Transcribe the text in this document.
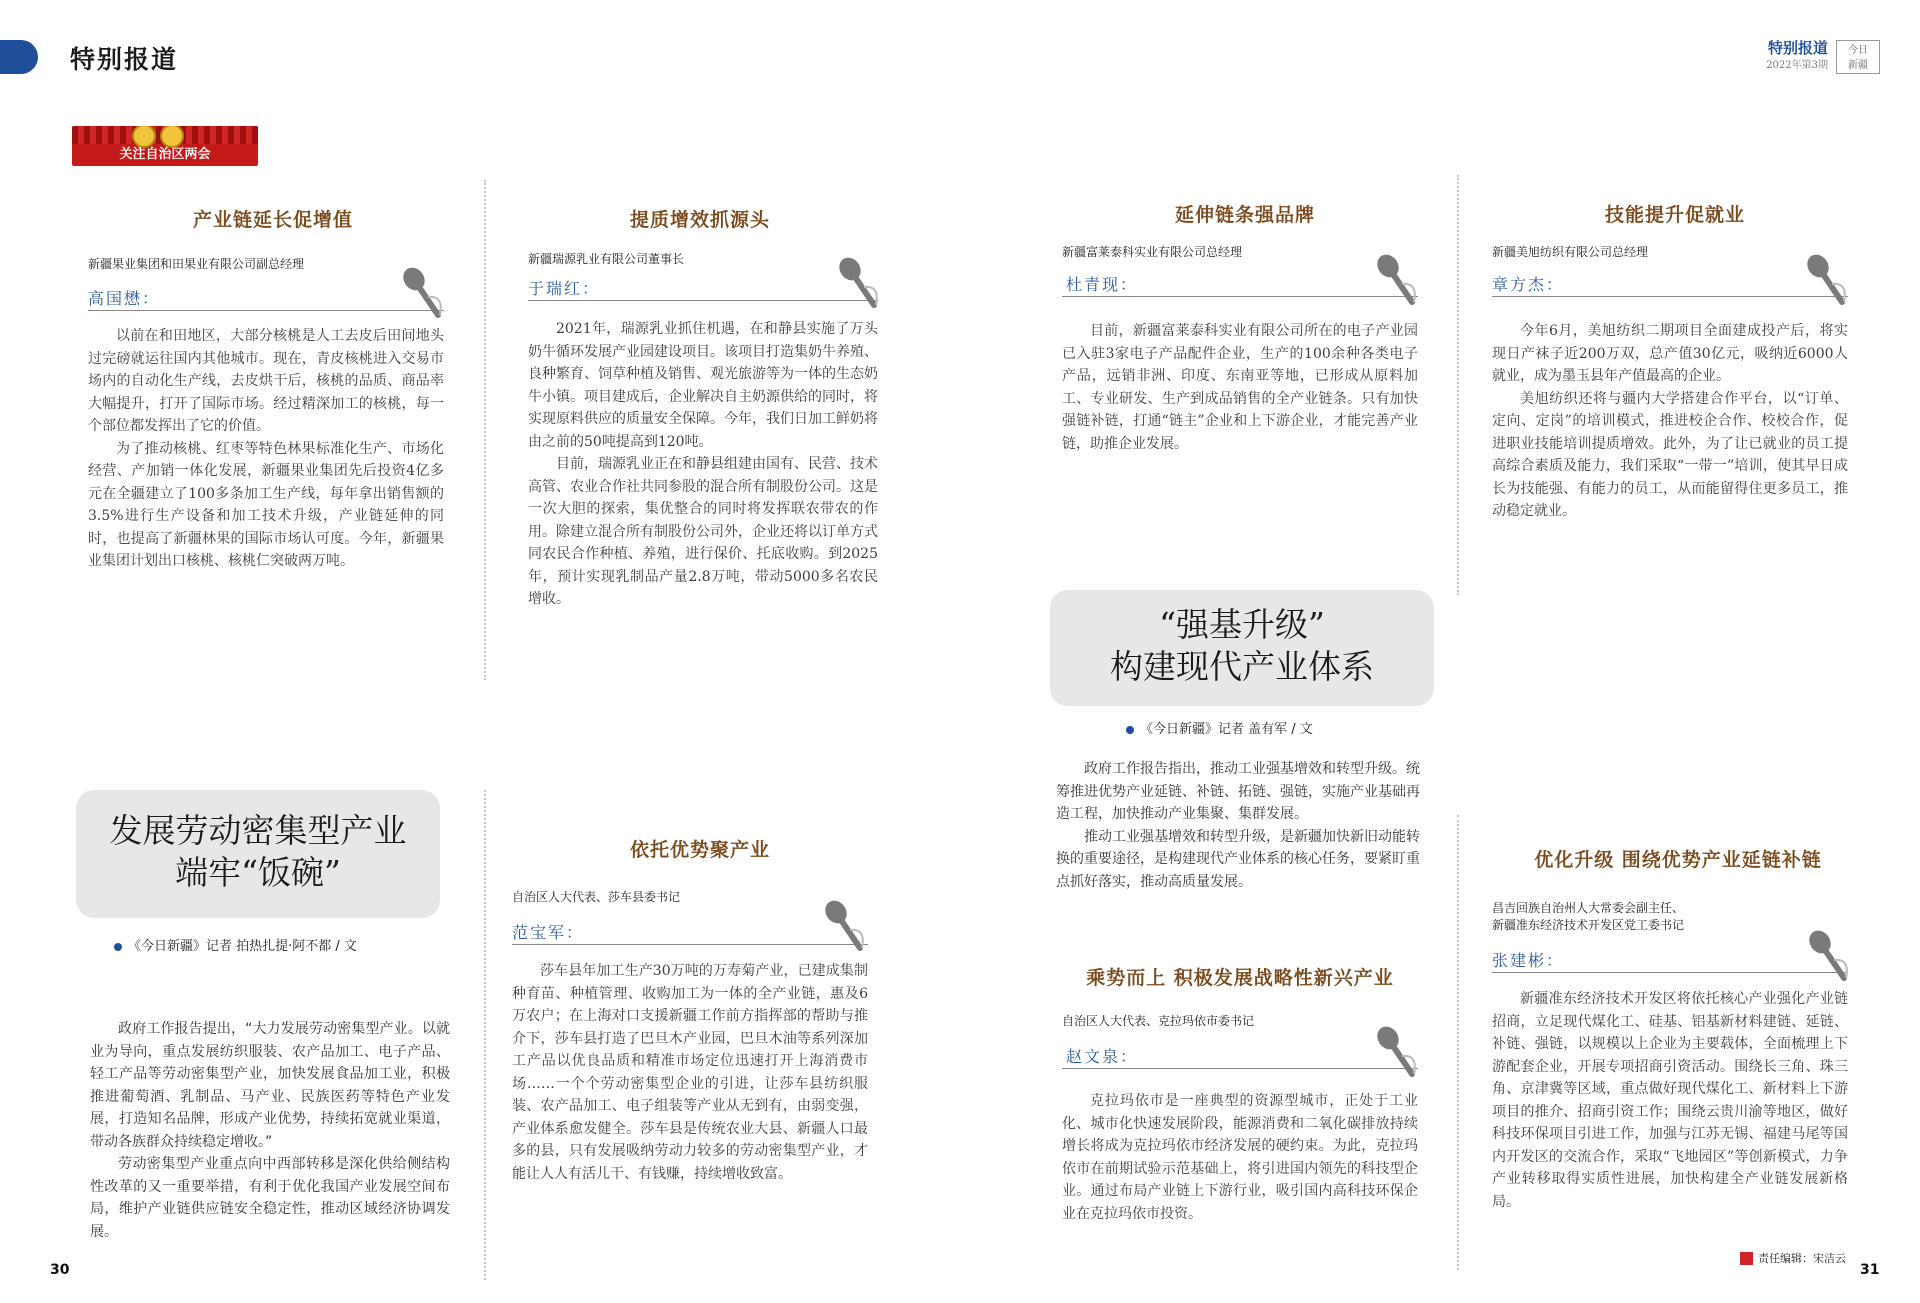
特别报道	特别报道
2022年第3期
今日
新疆
关注自治区两会
产业链延长促增值
新疆果业集团和田果业有限公司副总经理
高国懋：

以前在和田地区，大部分核桃是人工去皮后田间地头过完磅就运往国内其他城市。现在，青皮核桃进入交易市场内的自动化生产线，去皮烘干后，核桃的品质、商品率大幅提升，打开了国际市场。经过精深加工的核桃，每一个部位都发挥出了它的价值。

为了推动核桃、红枣等特色林果标准化生产、市场化经营、产加销一体化发展，新疆果业集团先后投资4亿多元在全疆建立了100多条加工生产线，每年拿出销售额的3.5%进行生产设备和加工技术升级，产业链延伸的同时，也提高了新疆林果的国际市场认可度。今年，新疆果业集团计划出口核桃、核桃仁突破两万吨。

提质增效抓源头
新疆瑞源乳业有限公司董事长
于瑞红：

2021年，瑞源乳业抓住机遇，在和静县实施了万头奶牛循环发展产业园建设项目。该项目打造集奶牛养殖、良种繁育、饲草种植及销售、观光旅游等为一体的生态奶牛小镇。项目建成后，企业解决自主奶源供给的同时，将实现原料供应的质量安全保障。今年，我们日加工鲜奶将由之前的50吨提高到120吨。

目前，瑞源乳业正在和静县组建由国有、民营、技术高管、农业合作社共同参股的混合所有制股份公司。这是一次大胆的探索，集优整合的同时将发挥联农带农的作用。除建立混合所有制股份公司外，企业还将以订单方式同农民合作种植、养殖，进行保价、托底收购。到2025年，预计实现乳制品产量2.8万吨，带动5000多名农民增收。

延伸链条强品牌
新疆富莱泰科实业有限公司总经理
杜青现：

目前，新疆富莱泰科实业有限公司所在的电子产业园已入驻3家电子产品配件企业，生产的100余种各类电子产品，远销非洲、印度、东南亚等地，已形成从原料加工、专业研发、生产到成品销售的全产业链条。只有加快强链补链，打通“链主”企业和上下游企业，才能完善产业链，助推企业发展。

技能提升促就业
新疆美旭纺织有限公司总经理
章方杰：

今年6月，美旭纺织二期项目全面建成投产后，将实现日产袜子近200万双，总产值30亿元，吸纳近6000人就业，成为墨玉县年产值最高的企业。

美旭纺织还将与疆内大学搭建合作平台，以“订单、定向、定岗”的培训模式，推进校企合作、校校合作，促进职业技能培训提质增效。此外，为了让已就业的员工提高综合素质及能力，我们采取“一带一”培训，使其早日成长为技能强、有能力的员工，从而能留得住更多员工，推动稳定就业。

“强基升级”
构建现代产业体系
《今日新疆》记者 盖有军 / 文

政府工作报告指出，推动工业强基增效和转型升级。统筹推进优势产业延链、补链、拓链、强链，实施产业基础再造工程，加快推动产业集聚、集群发展。

推动工业强基增效和转型升级，是新疆加快新旧动能转换的重要途径，是构建现代产业体系的核心任务，要紧盯重点抓好落实，推动高质量发展。

发展劳动密集型产业
端牢“饭碗”
《今日新疆》记者 拍热扎提·阿不都 / 文

政府工作报告提出，“大力发展劳动密集型产业。以就业为导向，重点发展纺织服装、农产品加工、电子产品、轻工产品等劳动密集型产业，加快发展食品加工业，积极推进葡萄酒、乳制品、马产业、民族医药等特色产业发展，打造知名品牌，形成产业优势，持续拓宽就业渠道，带动各族群众持续稳定增收。”

劳动密集型产业重点向中西部转移是深化供给侧结构性改革的又一重要举措，有利于优化我国产业发展空间布局，维护产业链供应链安全稳定性，推动区域经济协调发展。

依托优势聚产业
自治区人大代表、莎车县委书记
范宝军：

莎车县年加工生产30万吨的万寿菊产业，已建成集制种育苗、种植管理、收购加工为一体的全产业链，惠及6万农户；在上海对口支援新疆工作前方指挥部的帮助与推介下，莎车县打造了巴旦木产业园，巴旦木油等系列深加工产品以优良品质和精准市场定位迅速打开上海消费市场……一个个劳动密集型企业的引进，让莎车县纺织服装、农产品加工、电子组装等产业从无到有，由弱变强，产业体系愈发健全。莎车县是传统农业大县、新疆人口最多的县，只有发展吸纳劳动力较多的劳动密集型产业，才能让人人有活儿干、有钱赚，持续增收致富。

乘势而上 积极发展战略性新兴产业
自治区人大代表、克拉玛依市委书记
赵文泉：

克拉玛依市是一座典型的资源型城市，正处于工业化、城市化快速发展阶段，能源消费和二氧化碳排放持续增长将成为克拉玛依市经济发展的硬约束。为此，克拉玛依市在前期试验示范基础上，将引进国内领先的科技型企业。通过布局产业链上下游行业，吸引国内高科技环保企业在克拉玛依市投资。

优化升级 围绕优势产业延链补链
昌吉回族自治州人大常委会副主任、
新疆准东经济技术开发区党工委书记
张建彬：

新疆准东经济技术开发区将依托核心产业强化产业链招商，立足现代煤化工、硅基、铝基新材料建链、延链、补链、强链，以规模以上企业为主要载体，全面梳理上下游配套企业，开展专项招商引资活动。围绕长三角、珠三角、京津冀等区域，重点做好现代煤化工、新材料上下游项目的推介、招商引资工作；围绕云贵川渝等地区，做好科技环保项目引进工作，加强与江苏无锡、福建马尾等国内开发区的交流合作，采取“飞地园区”等创新模式，力争产业转移取得实质性进展，加快构建全产业链发展新格局。

30
责任编辑：宋洁云
31
